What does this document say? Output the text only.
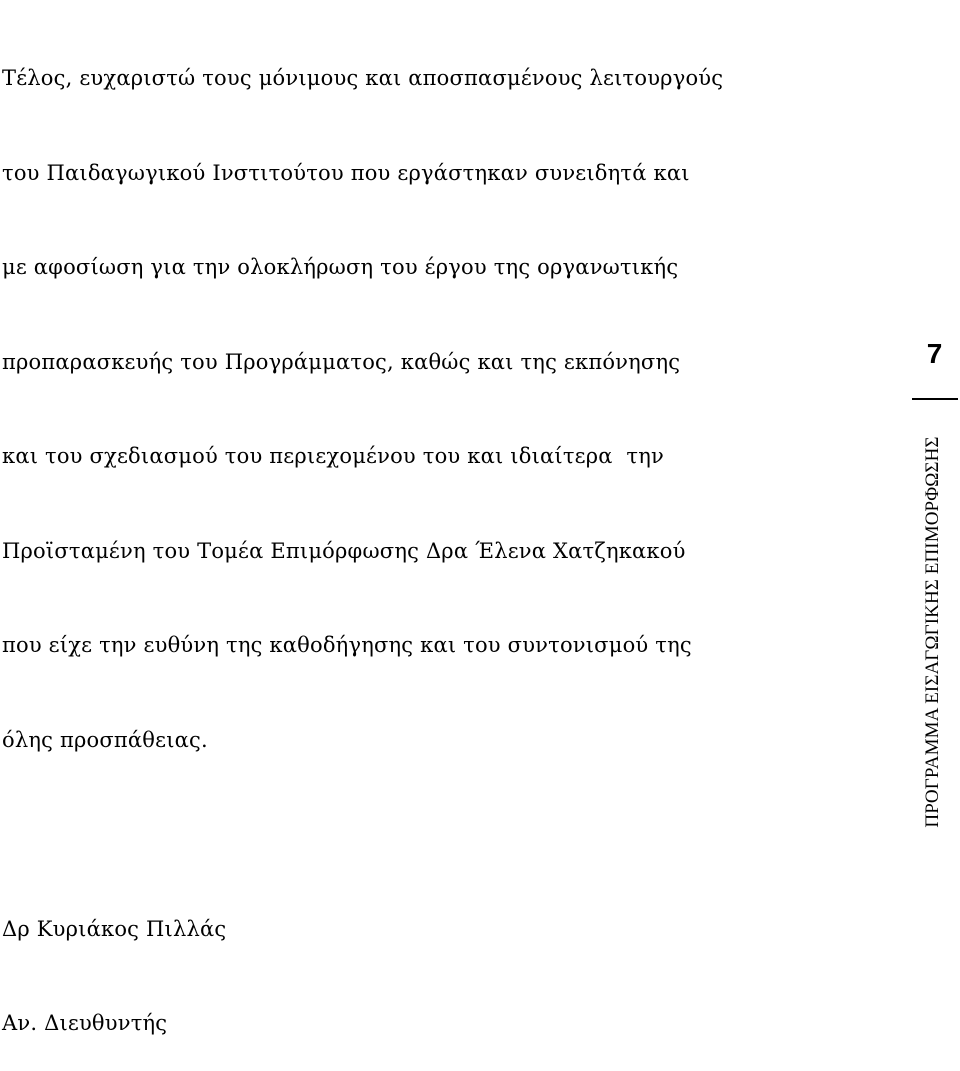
Τέλος, ευχαριστώ τους μόνιμους και αποσπασμένους λειτουργούς

του Παιδαγωγικού Ινστιτούτου που εργάστηκαν συνειδητά και

με αφοσίωση για την ολοκλήρωση του έργου της οργανωτικής

προπαρασκευής του Προγράμματος, καθώς και της εκπόνησης

και του σχεδιασμού του περιεχομένου του και ιδιαίτερα  την

Προϊσταμένη του Τομέα Επιμόρφωσης Δρα Έλενα Χατζηκακού

που είχε την ευθύνη της καθοδήγησης και του συντονισμού της

όλης προσπάθειας.

Δρ Κυριάκος Πιλλάς

Αν. Διευθυντής

7
ΠΡΟΓΡΑΜΜΑ ΕΙΣΑΓΩΓΙΚΗΣ ΕΠΙΜΟΡΦΩΣΗΣ
